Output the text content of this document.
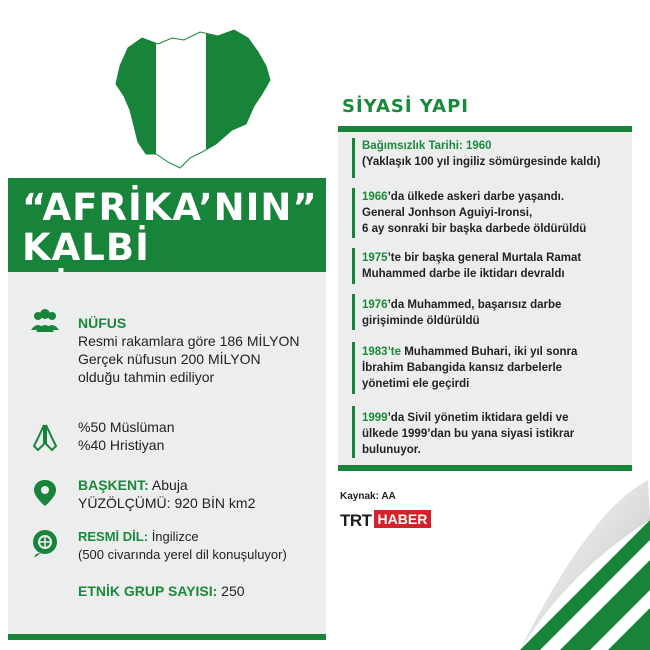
“AFRİKA’NIN”
KALBİ
NÜFUS
Resmi rakamlara göre 186 MİLYON
Gerçek nüfusun 200 MİLYON
olduğu tahmin ediliyor
%50 Müslüman
%40 Hristiyan
BAŞKENT: Abuja
YÜZÖLÇÜMÜ: 920 BİN km2
RESMİ DİL: İngilizce
(500 civarında yerel dil konuşuluyor)
ETNİK GRUP SAYISI: 250
SİYASİ YAPI
Bağımsızlık Tarihi: 1960
(Yaklaşık 100 yıl ingiliz sömürgesinde kaldı)
1966’da ülkede askeri darbe yaşandı.
General Jonhson Aguiyi-Ironsi,
6 ay sonraki bir başka darbede öldürüldü
1975’te bir başka general Murtala Ramat
Muhammed darbe ile iktidarı devraldı
1976’da Muhammed, başarısız darbe
girişiminde öldürüldü
1983’te Muhammed Buhari, iki yıl sonra
İbrahim Babangida kansız darbelerle
yönetimi ele geçirdi
1999’da Sivil yönetim iktidara geldi ve
ülkede 1999’dan bu yana siyasi istikrar
bulunuyor.
Kaynak: AA
TRT HABER
